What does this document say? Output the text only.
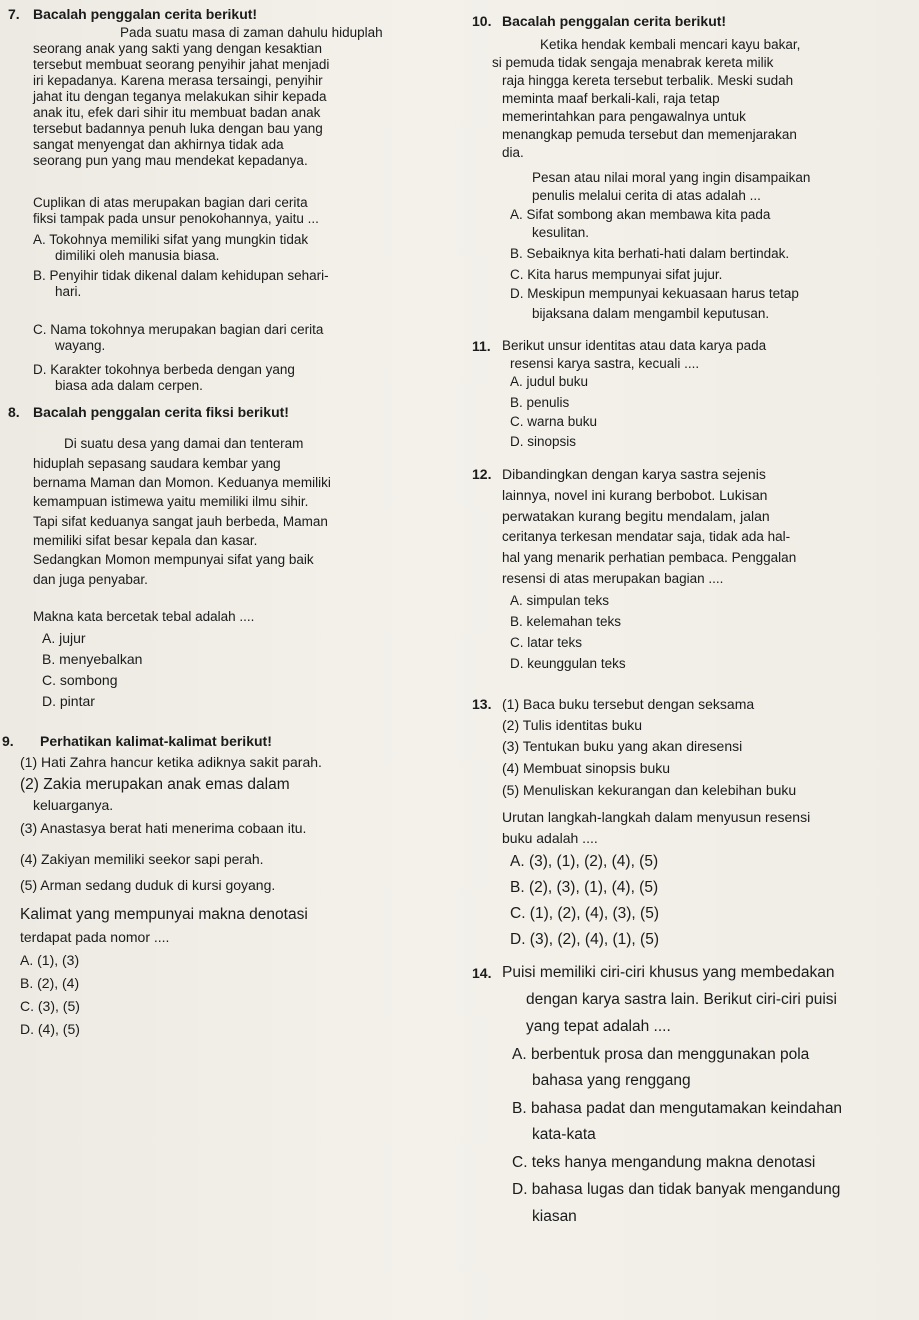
7. Bacalah penggalan cerita berikut!
Pada suatu masa di zaman dahulu hiduplah
seorang anak yang sakti yang dengan kesaktian
tersebut membuat seorang penyihir jahat menjadi
iri kepadanya. Karena merasa tersaingi, penyihir
jahat itu dengan teganya melakukan sihir kepada
anak itu, efek dari sihir itu membuat badan anak
tersebut badannya penuh luka dengan bau yang
sangat menyengat dan akhirnya tidak ada
seorang pun yang mau mendekat kepadanya.
Cuplikan di atas merupakan bagian dari cerita
fiksi tampak pada unsur penokohannya, yaitu ...
A. Tokohnya memiliki sifat yang mungkin tidak
dimiliki oleh manusia biasa.
B. Penyihir tidak dikenal dalam kehidupan sehari-
hari.
C. Nama tokohnya merupakan bagian dari cerita
wayang.
D. Karakter tokohnya berbeda dengan yang
biasa ada dalam cerpen.
8. Bacalah penggalan cerita fiksi berikut!
Di suatu desa yang damai dan tenteram
hiduplah sepasang saudara kembar yang
bernama Maman dan Momon. Keduanya memiliki
kemampuan istimewa yaitu memiliki ilmu sihir.
Tapi sifat keduanya sangat jauh berbeda, Maman
memiliki sifat besar kepala dan kasar.
Sedangkan Momon mempunyai sifat yang baik
dan juga penyabar.
Makna kata bercetak tebal adalah ....
A. jujur
B. menyebalkan
C. sombong
D. pintar
9. Perhatikan kalimat-kalimat berikut!
(1) Hati Zahra hancur ketika adiknya sakit parah.
(2) Zakia merupakan anak emas dalam
keluarganya.
(3) Anastasya berat hati menerima cobaan itu.
(4) Zakiyan memiliki seekor sapi perah.
(5) Arman sedang duduk di kursi goyang.
Kalimat yang mempunyai makna denotasi
terdapat pada nomor ....
A. (1), (3)
B. (2), (4)
C. (3), (5)
D. (4), (5)
10. Bacalah penggalan cerita berikut!
Ketika hendak kembali mencari kayu bakar,
si pemuda tidak sengaja menabrak kereta milik
raja hingga kereta tersebut terbalik. Meski sudah
meminta maaf berkali-kali, raja tetap
memerintahkan para pengawalnya untuk
menangkap pemuda tersebut dan memenjarakan
dia.
Pesan atau nilai moral yang ingin disampaikan
penulis melalui cerita di atas adalah ...
A. Sifat sombong akan membawa kita pada
kesulitan.
B. Sebaiknya kita berhati-hati dalam bertindak.
C. Kita harus mempunyai sifat jujur.
D. Meskipun mempunyai kekuasaan harus tetap
bijaksana dalam mengambil keputusan.
11. Berikut unsur identitas atau data karya pada
resensi karya sastra, kecuali ....
A. judul buku
B. penulis
C. warna buku
D. sinopsis
12. Dibandingkan dengan karya sastra sejenis
lainnya, novel ini kurang berbobot. Lukisan
perwatakan kurang begitu mendalam, jalan
ceritanya terkesan mendatar saja, tidak ada hal-
hal yang menarik perhatian pembaca. Penggalan
resensi di atas merupakan bagian ....
A. simpulan teks
B. kelemahan teks
C. latar teks
D. keunggulan teks
13. (1) Baca buku tersebut dengan seksama
(2) Tulis identitas buku
(3) Tentukan buku yang akan diresensi
(4) Membuat sinopsis buku
(5) Menuliskan kekurangan dan kelebihan buku
Urutan langkah-langkah dalam menyusun resensi
buku adalah ....
A. (3), (1), (2), (4), (5)
B. (2), (3), (1), (4), (5)
C. (1), (2), (4), (3), (5)
D. (3), (2), (4), (1), (5)
14. Puisi memiliki ciri-ciri khusus yang membedakan
dengan karya sastra lain. Berikut ciri-ciri puisi
yang tepat adalah ....
A. berbentuk prosa dan menggunakan pola
bahasa yang renggang
B. bahasa padat dan mengutamakan keindahan
kata-kata
C. teks hanya mengandung makna denotasi
D. bahasa lugas dan tidak banyak mengandung
kiasan
